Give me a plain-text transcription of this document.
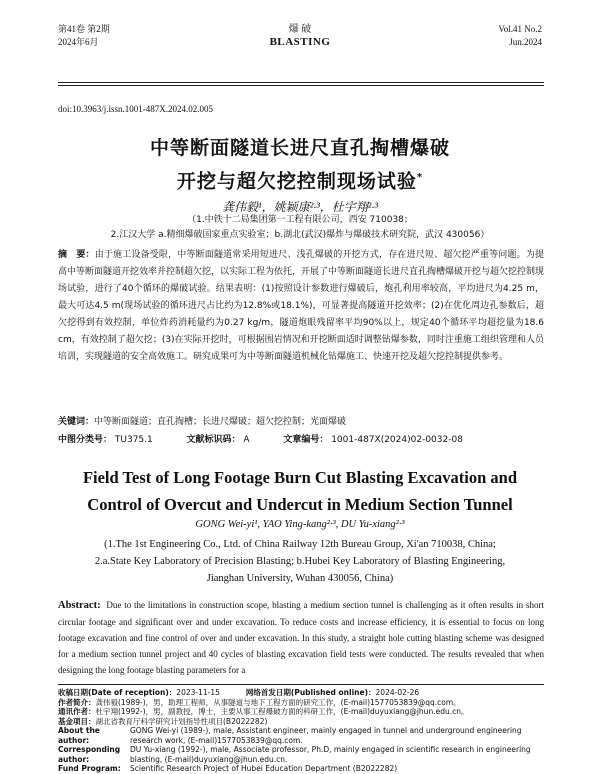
第41卷 第2期
2024年6月
爆 破
BLASTING
Vol.41 No.2
Jun.2024
doi:10.3963/j.issn.1001-487X.2024.02.005
中等断面隧道长进尺直孔掏槽爆破
开挖与超欠挖控制现场试验*
龚伟毅¹，姚颖康²·³，杜宇翔²·³
（1.中铁十二局集团第一工程有限公司，西安 710038；
2.江汉大学 a.精细爆破国家重点实验室；b.湖北(武汉)爆炸与爆破技术研究院，武汉 430056）
摘　要：由于施工设备受限，中等断面隧道常采用短进尺、浅孔爆破的开挖方式，存在进尺短、超欠挖严重等问题。为提高中等断面隧道开挖效率并控制超欠挖，以实际工程为依托，开展了中等断面隧道长进尺直孔掏槽爆破开挖与超欠挖控制现场试验，进行了40个循环的爆破试验。结果表明：(1)按照设计参数进行爆破后，炮孔利用率较高，平均进尺为4.25 m，最大可达4.5 m(现场试验的循环进尺占比约为12.8%或18.1%)，可显著提高隧道开挖效率；(2)在优化周边孔参数后，超欠挖得到有效控制，单位炸药消耗量约为0.27 kg/m，隧道炮眼残留率平均90%以上，规定40个循环平均超挖量为18.6 cm，有效控制了超欠挖；(3)在实际开挖时，可根据围岩情况和开挖断面适时调整钻爆参数，同时注重施工组织管理和人员培训，实现隧道的安全高效施工。研究成果可为中等断面隧道机械化钻爆施工、快速开挖及超欠挖控制提供参考。
关键词：中等断面隧道；直孔掏槽；长进尺爆破；超欠挖控制；光面爆破
中图分类号： TU375.1	文献标识码： A	文章编号： 1001-487X(2024)02-0032-08
Field Test of Long Footage Burn Cut Blasting Excavation and
Control of Overcut and Undercut in Medium Section Tunnel
GONG Wei-yi¹, YAO Ying-kang²·³, DU Yu-xiang²·³
(1.The 1st Engineering Co., Ltd. of China Railway 12th Bureau Group, Xi'an 710038, China;
2.a.State Key Laboratory of Precision Blasting; b.Hubei Key Laboratory of Blasting Engineering,
Jianghan University, Wuhan 430056, China)
Abstract: Due to the limitations in construction scope, blasting a medium section tunnel is challenging as it often results in short circular footage and significant over and under excavation. To reduce costs and increase efficiency, it is essential to focus on long footage excavation and fine control of over and under excavation. In this study, a straight hole cutting blasting scheme was designed for a medium section tunnel project and 40 cycles of blasting excavation field tests were conducted. The results revealed that when designing the long footage blasting parameters for a
收稿日期(Date of reception)： 2023-11-15	网络首发日期(Published online)： 2024-02-26
作者简介： 龚伟毅(1989-)，男，助理工程师，从事隧道与地下工程方面的研究工作，(E-mail)1577053839@qq.com。
通讯作者： 杜宇翔(1992-)，男，副教授，博士，主要从事工程爆破方面的科研工作，(E-mail)duyuxiang@jhun.edu.cn。
基金项目： 湖北省教育厅科学研究计划指导性项目(B2022282)
About the author:
GONG Wei-yi (1989-), male, Assistant engineer, mainly engaged in tunnel and underground engineering research work, (E-mail)1577053839@qq.com.
Corresponding author:
DU Yu-xiang (1992-), male, Associate professor, Ph.D, mainly engaged in scientific research in engineering blasting, (E-mail)duyuxiang@jhun.edu.cn.
Fund Program:	Scientific Research Project of Hubei Education Department (B2022282)
